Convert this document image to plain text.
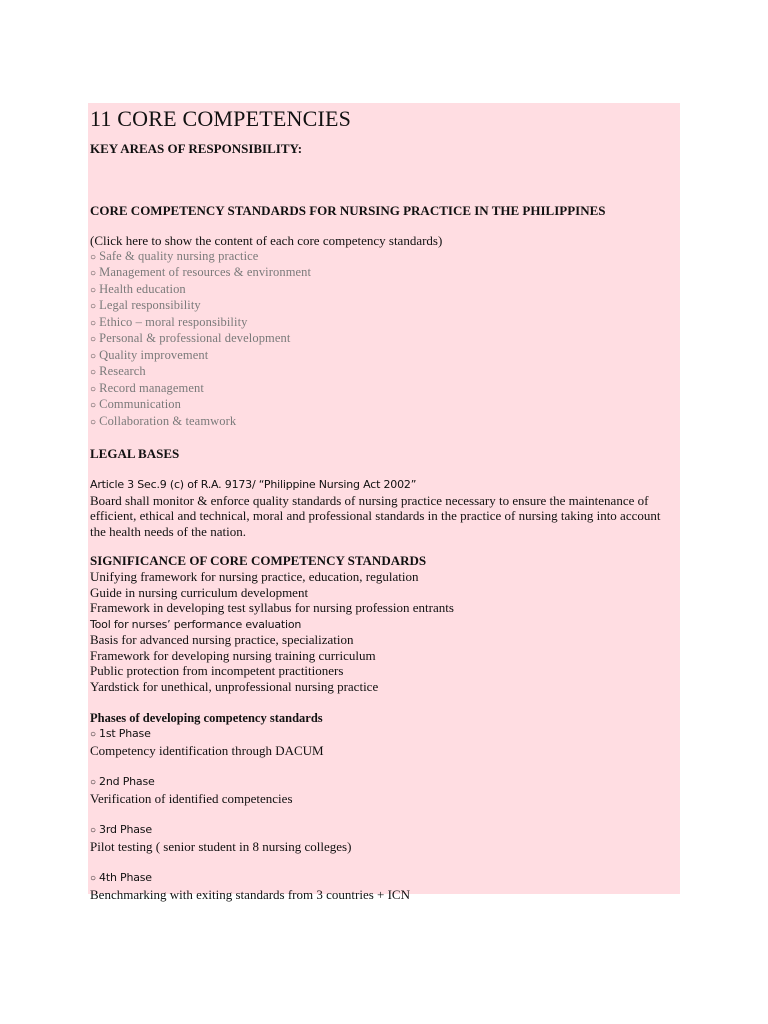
11 CORE COMPETENCIES

KEY AREAS OF RESPONSIBILITY:

CORE COMPETENCY STANDARDS FOR NURSING PRACTICE IN THE PHILIPPINES

(Click here to show the content of each core competency standards)

○ Safe & quality nursing practice
○ Management of resources & environment
○ Health education
○ Legal responsibility
○ Ethico – moral responsibility
○ Personal & professional development
○ Quality improvement
○ Research
○ Record management
○ Communication
○ Collaboration & teamwork

LEGAL BASES

Article 3 Sec.9 (c) of R.A. 9173/ “Philippine Nursing Act 2002”

Board shall monitor & enforce quality standards of nursing practice necessary to ensure the maintenance of efficient, ethical and technical, moral and professional standards in the practice of nursing taking into account the health needs of the nation.

SIGNIFICANCE OF CORE COMPETENCY STANDARDS

Unifying framework for nursing practice, education, regulation

Guide in nursing curriculum development

Framework in developing test syllabus for nursing profession entrants

Tool for nurses’ performance evaluation

Basis for advanced nursing practice, specialization

Framework for developing nursing training curriculum

Public protection from incompetent practitioners

Yardstick for unethical, unprofessional nursing practice

Phases of developing competency standards

○ 1st Phase

Competency identification through DACUM

○ 2nd Phase

Verification of identified competencies

○ 3rd Phase

Pilot testing ( senior student in 8 nursing colleges)

○ 4th Phase

Benchmarking with exiting standards from 3 countries + ICN
